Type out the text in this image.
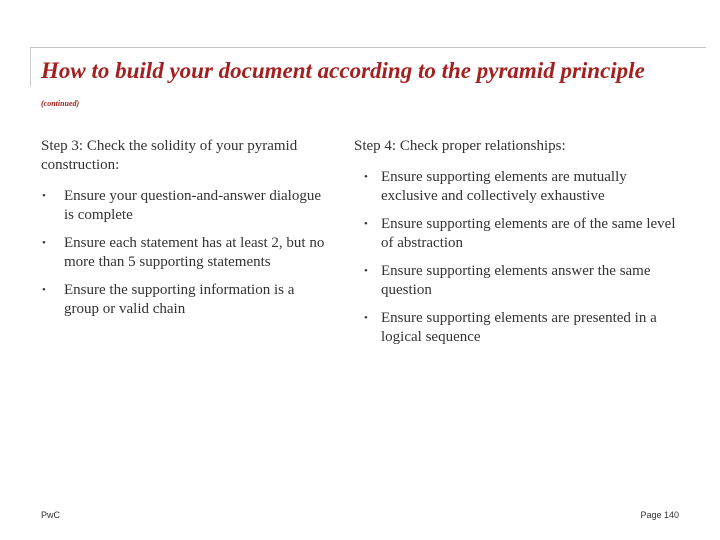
How to build your document according to the pyramid principle (continued)

Step 3: Check the solidity of your pyramid construction:

• Ensure your question-and-answer dialogue is complete
• Ensure each statement has at least 2, but no more than 5 supporting statements
• Ensure the supporting information is a group or valid chain

Step 4: Check proper relationships:

• Ensure supporting elements are mutually exclusive and collectively exhaustive
• Ensure supporting elements are of the same level of abstraction
• Ensure supporting elements answer the same question
• Ensure supporting elements are presented in a logical sequence
PwC	Page 140
